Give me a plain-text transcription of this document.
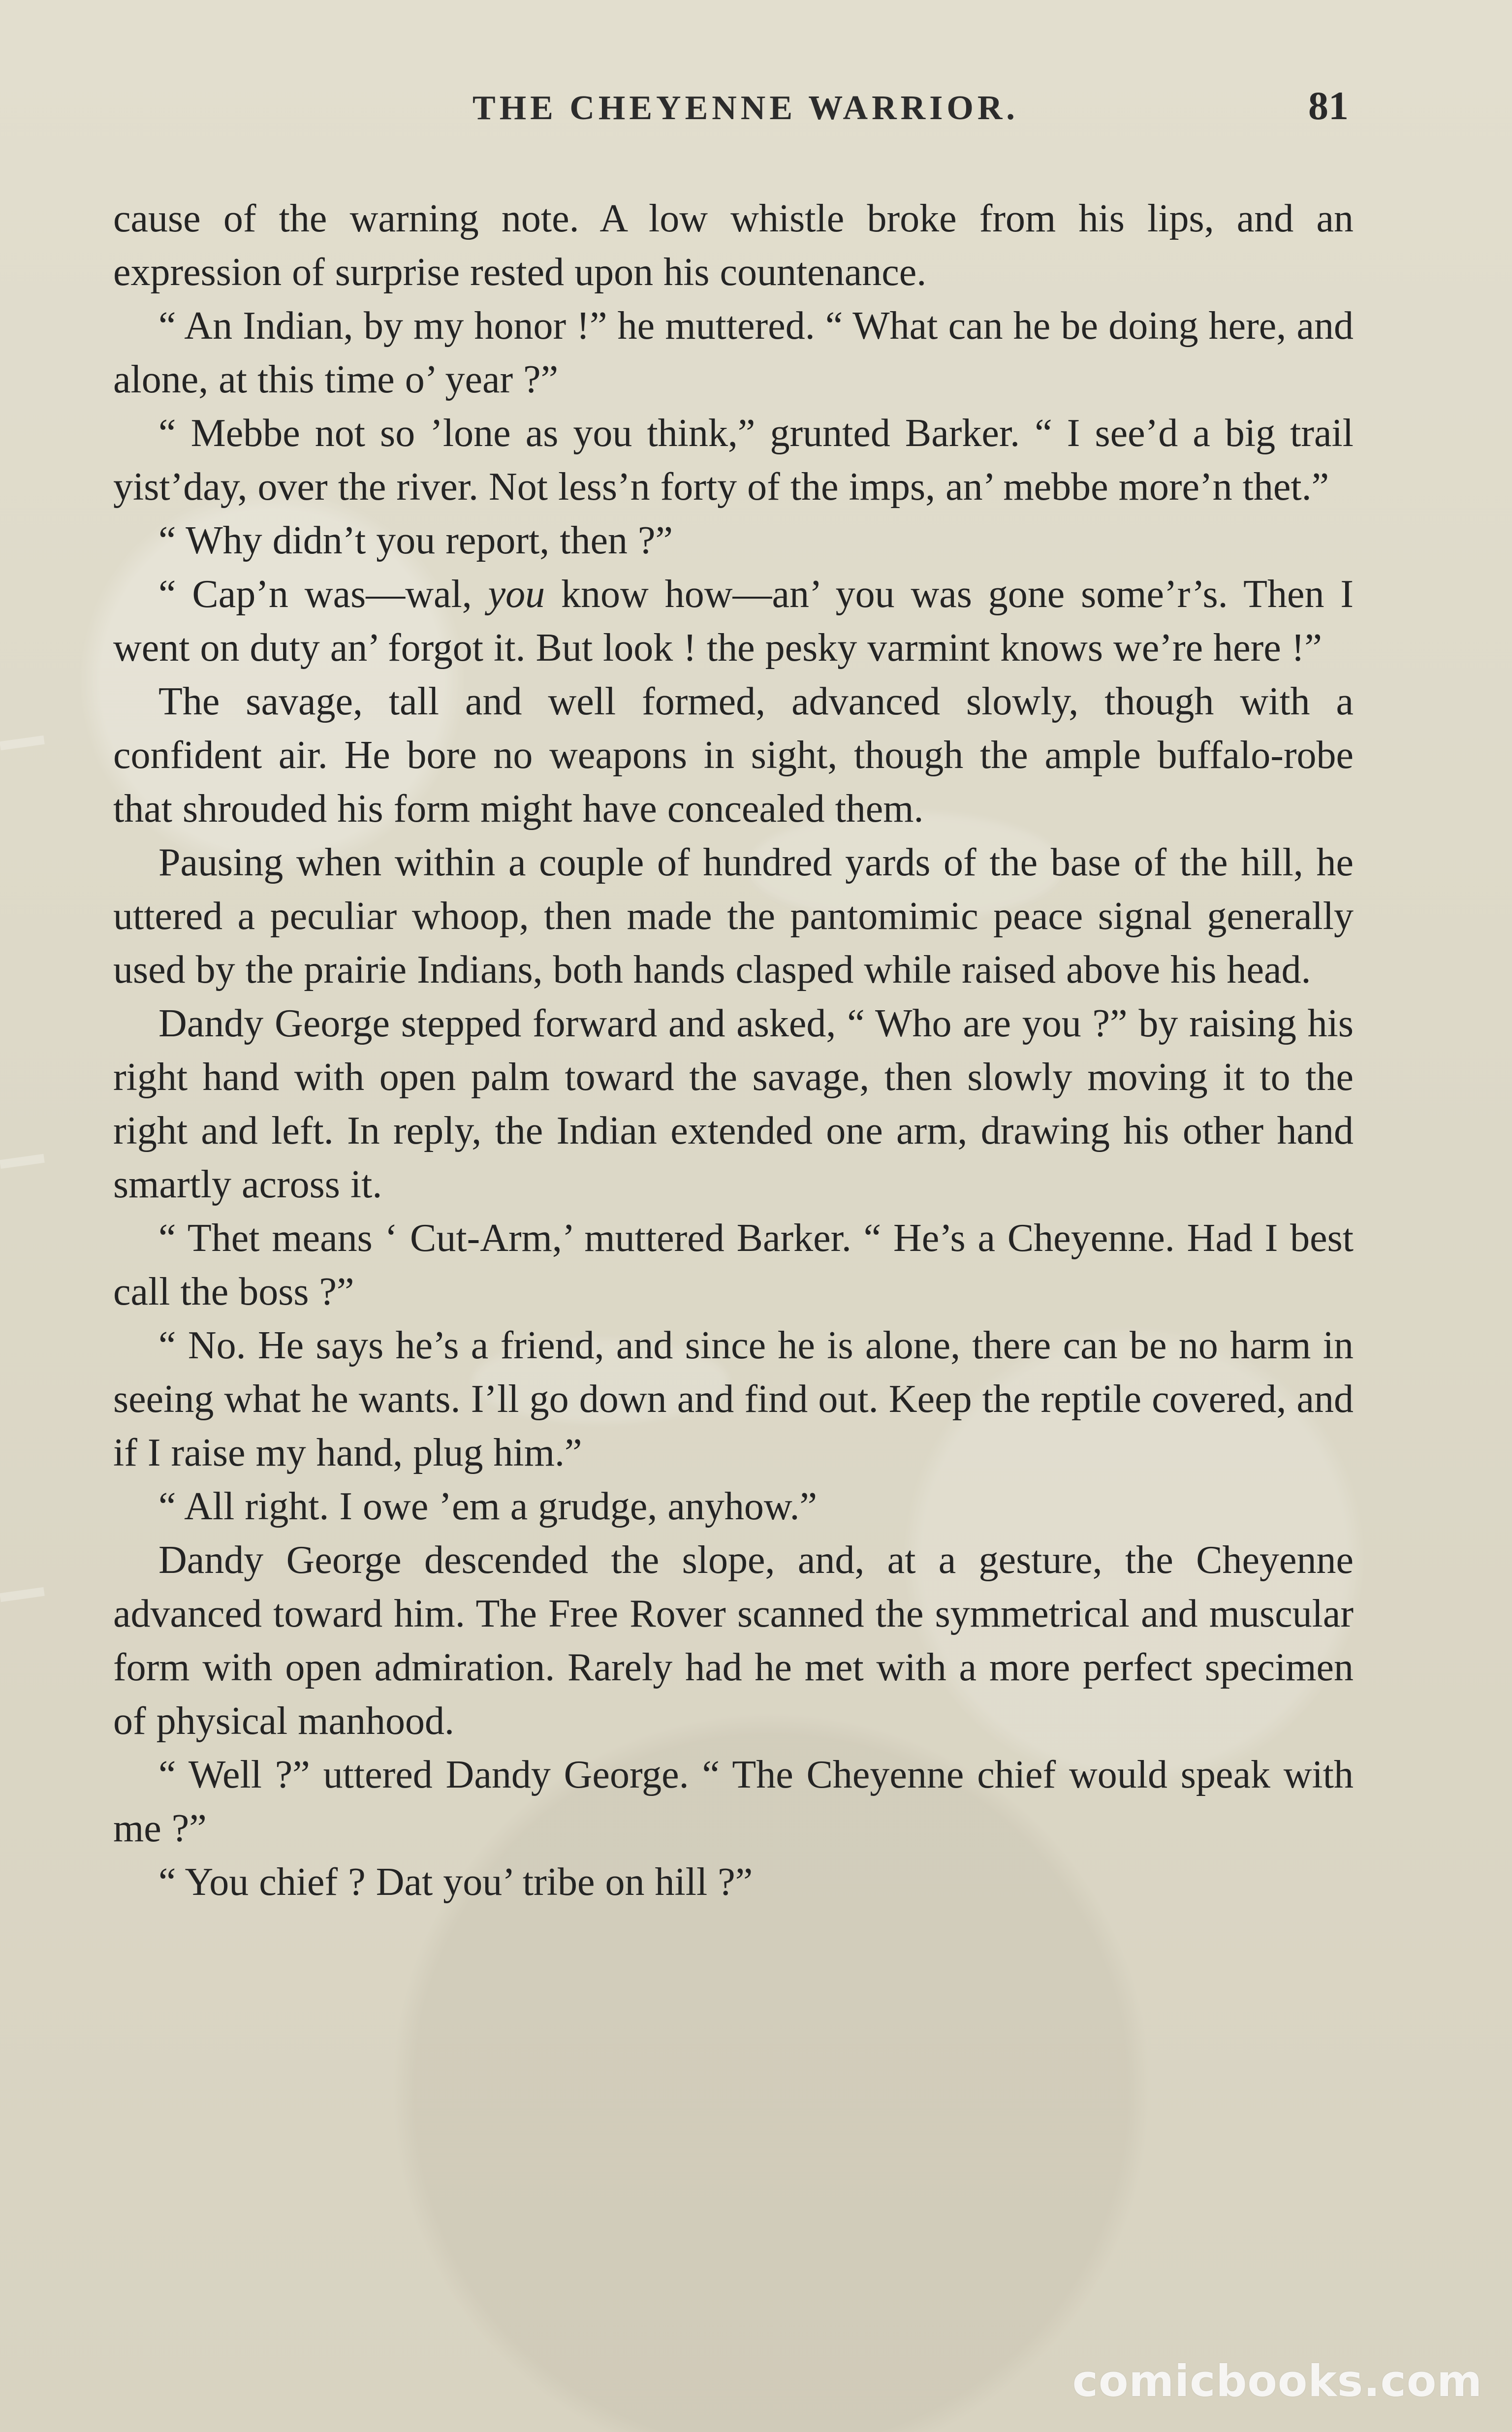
THE CHEYENNE WARRIOR.	81

cause of the warning note. A low whistle broke from his lips, and an expression of surprise rested upon his countenance.

“ An Indian, by my honor !” he muttered. “ What can he be doing here, and alone, at this time o’ year ?”

“ Mebbe not so ’lone as you think,” grunted Barker. “ I see’d a big trail yist’day, over the river. Not less’n forty of the imps, an’ mebbe more’n thet.”

“ Why didn’t you report, then ?”

“ Cap’n was—wal, you know how—an’ you was gone some’r’s. Then I went on duty an’ forgot it. But look ! the pesky varmint knows we’re here !”

The savage, tall and well formed, advanced slowly, though with a confident air. He bore no weapons in sight, though the ample buffalo-robe that shrouded his form might have concealed them.

Pausing when within a couple of hundred yards of the base of the hill, he uttered a peculiar whoop, then made the pantomimic peace signal generally used by the prairie Indians, both hands clasped while raised above his head.

Dandy George stepped forward and asked, “ Who are you ?” by raising his right hand with open palm toward the savage, then slowly moving it to the right and left. In reply, the Indian extended one arm, drawing his other hand smartly across it.

“ Thet means ‘ Cut-Arm,’ muttered Barker. “ He’s a Cheyenne. Had I best call the boss ?”

“ No. He says he’s a friend, and since he is alone, there can be no harm in seeing what he wants. I’ll go down and find out. Keep the reptile covered, and if I raise my hand, plug him.”

“ All right. I owe ’em a grudge, anyhow.”

Dandy George descended the slope, and, at a gesture, the Cheyenne advanced toward him. The Free Rover scanned the symmetrical and muscular form with open admiration. Rarely had he met with a more perfect specimen of physical manhood.

“ Well ?” uttered Dandy George. “ The Cheyenne chief would speak with me ?”

“ You chief ? Dat you’ tribe on hill ?”

comicbooks.com
